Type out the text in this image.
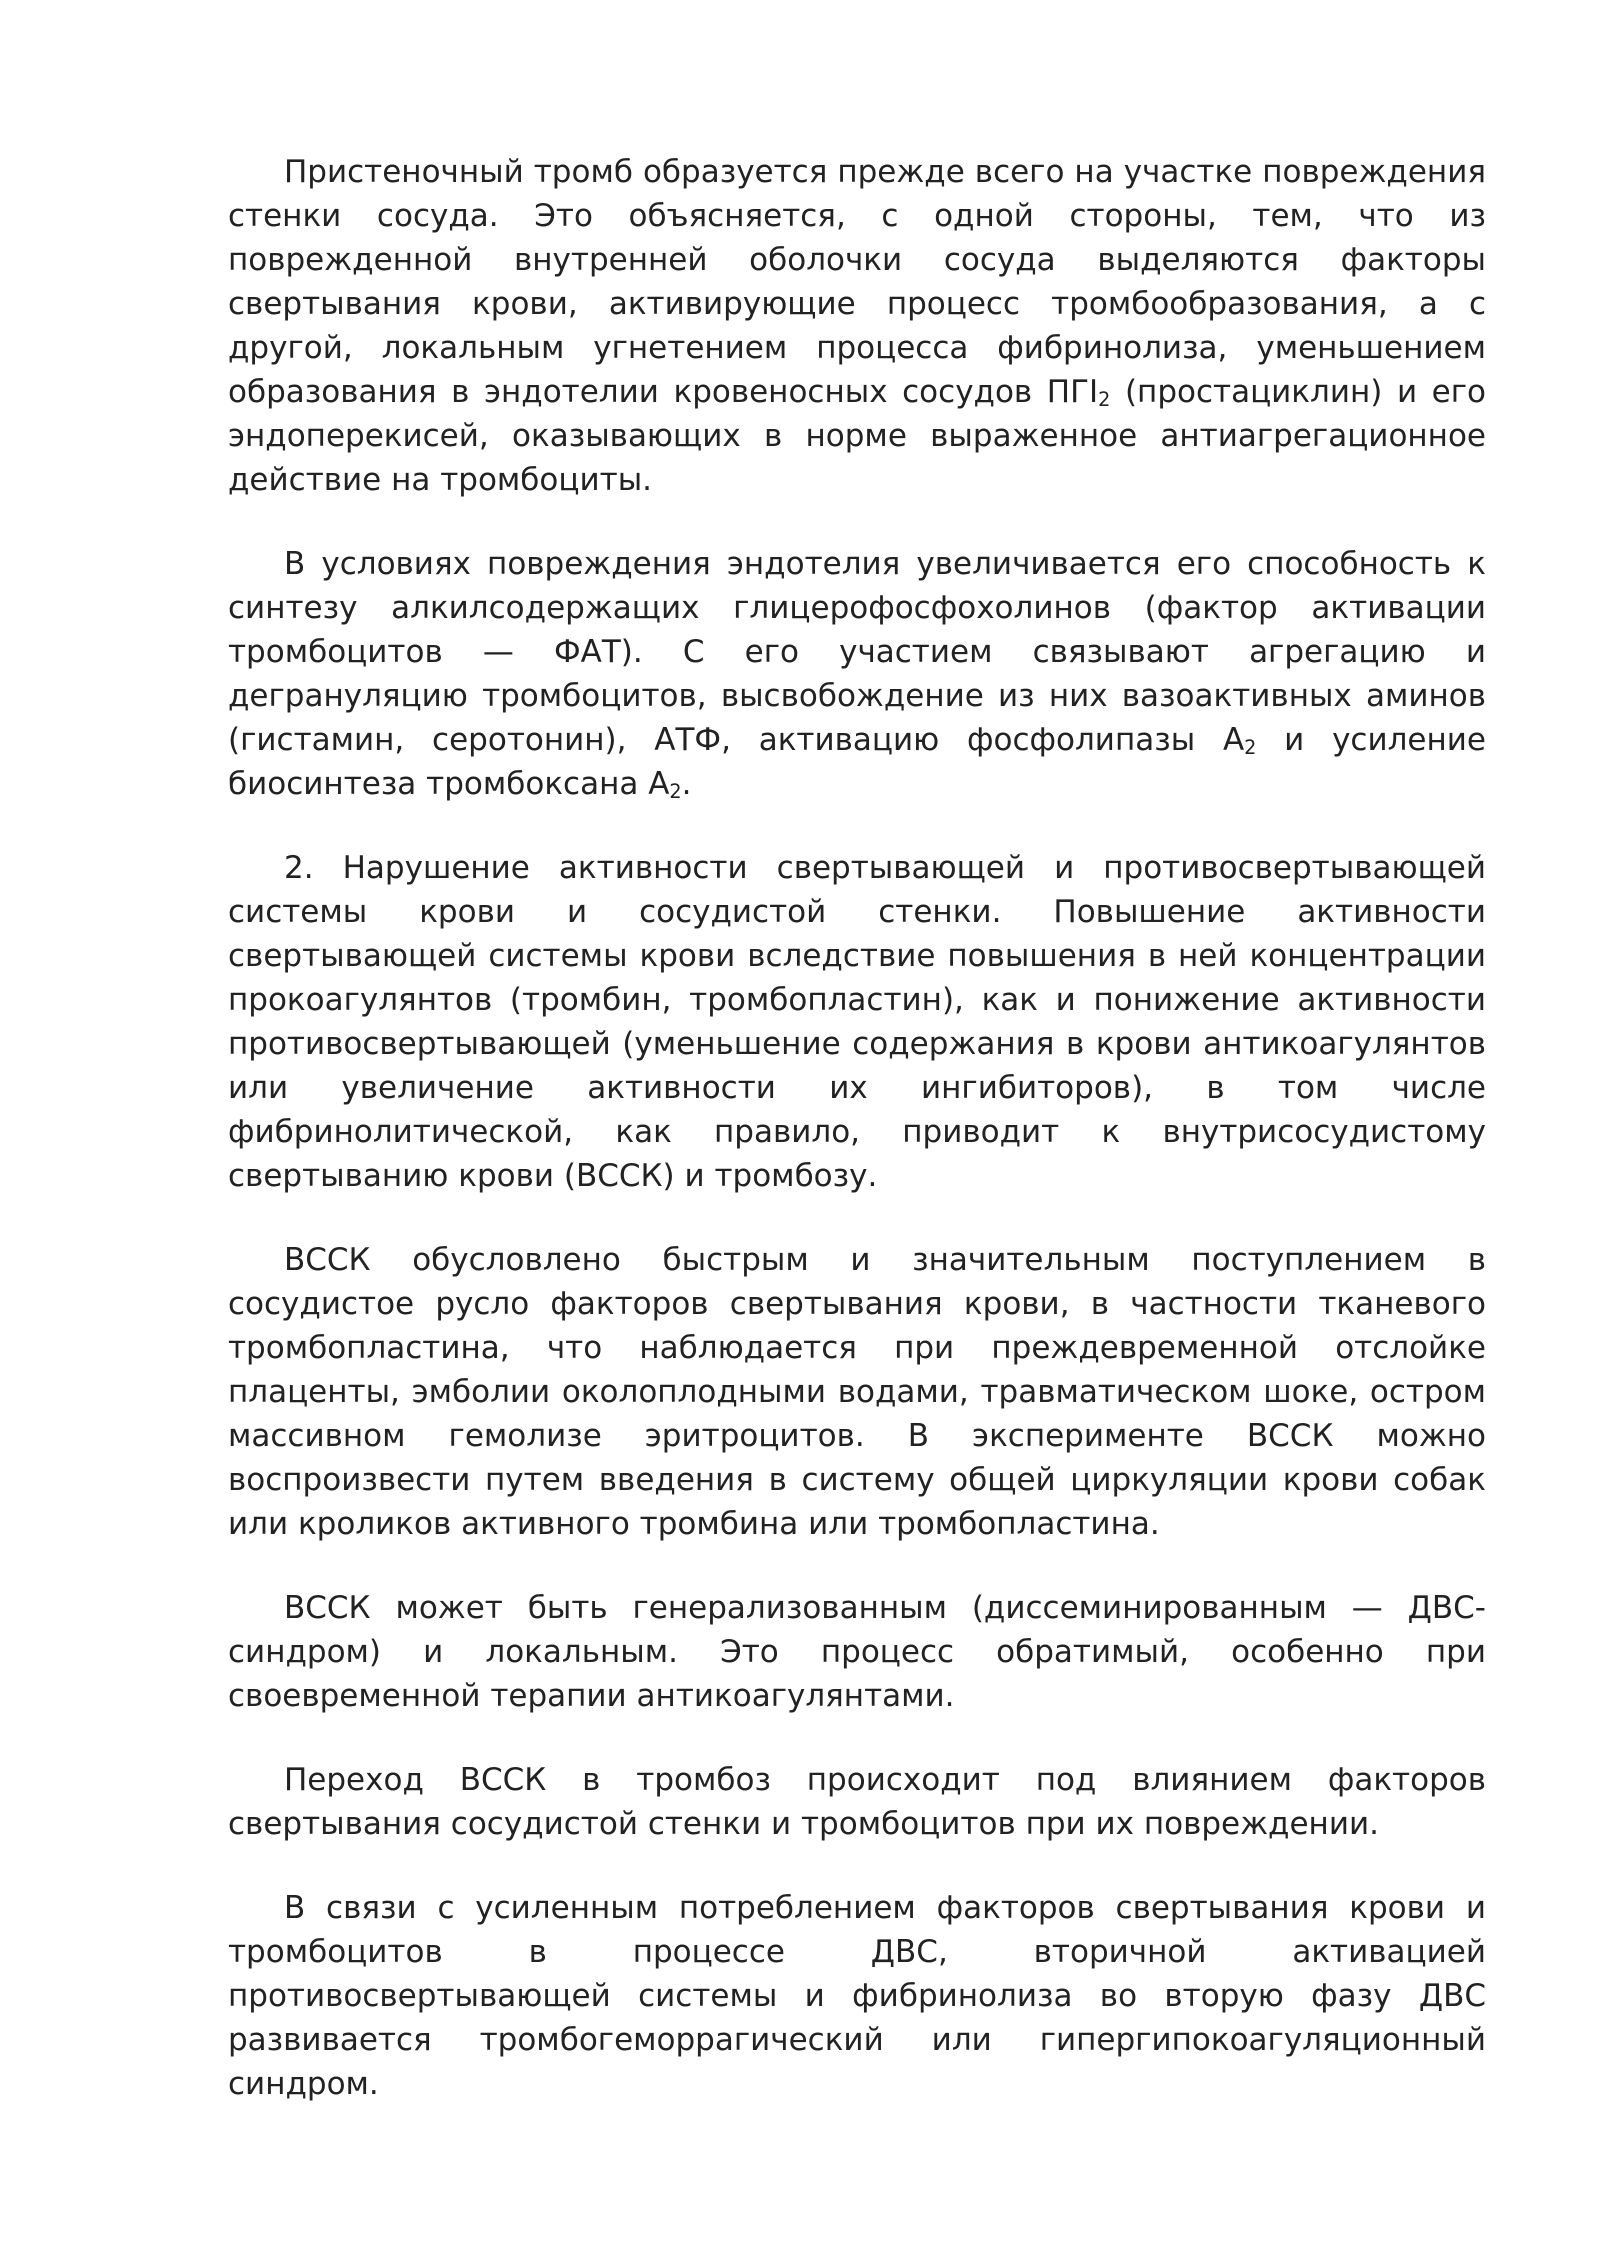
Пристеночный тромб образуется прежде всего на участке повреждения стенки сосуда. Это объясняется, с одной стороны, тем, что из поврежденной внутренней оболочки сосуда выделяются факторы свертывания крови, активирующие процесс тромбообразования, а с другой, локальным угнетением процесса фибринолиза, уменьшением образования в эндотелии кровеносных сосудов $ПГI_2$ (простациклин) и его эндоперекисей, оказывающих в норме выраженное антиагрегационное действие на тромбоциты.

В условиях повреждения эндотелия увеличивается его способность к синтезу алкилсодержащих глицерофосфохолинов (фактор активации тромбоцитов — ФАТ). С его участием связывают агрегацию и дегрануляцию тромбоцитов, высвобождение из них вазоактивных аминов (гистамин, серотонин), АТФ, активацию фосфолипазы $А_2$ и усиление биосинтеза тромбоксана $А_2$.

2. Нарушение активности свертывающей и противосвертывающей системы крови и сосудистой стенки. Повышение активности свертывающей системы крови вследствие повышения в ней концентрации прокоагулянтов (тромбин, тромбопластин), как и понижение активности противосвертывающей (уменьшение содержания в крови антикоагулянтов или увеличение активности их ингибиторов), в том числе фибринолитической, как правило, приводит к внутрисосудистому свертыванию крови (ВССК) и тромбозу.

ВССК обусловлено быстрым и значительным поступлением в сосудистое русло факторов свертывания крови, в частности тканевого тромбопластина, что наблюдается при преждевременной отслойке плаценты, эмболии околоплодными водами, травматическом шоке, остром массивном гемолизе эритроцитов. В эксперименте ВССК можно воспроизвести путем введения в систему общей циркуляции крови собак или кроликов активного тромбина или тромбопластина.

ВССК может быть генерализованным (диссеминированным — ДВС-синдром) и локальным. Это процесс обратимый, особенно при своевременной терапии антикоагулянтами.

Переход ВССК в тромбоз происходит под влиянием факторов свертывания сосудистой стенки и тромбоцитов при их повреждении.

В связи с усиленным потреблением факторов свертывания крови и тромбоцитов в процессе ДВС, вторичной активацией противосвертывающей системы и фибринолиза во вторую фазу ДВС развивается тромбогеморрагический или гипергипокоагуляционный синдром.
